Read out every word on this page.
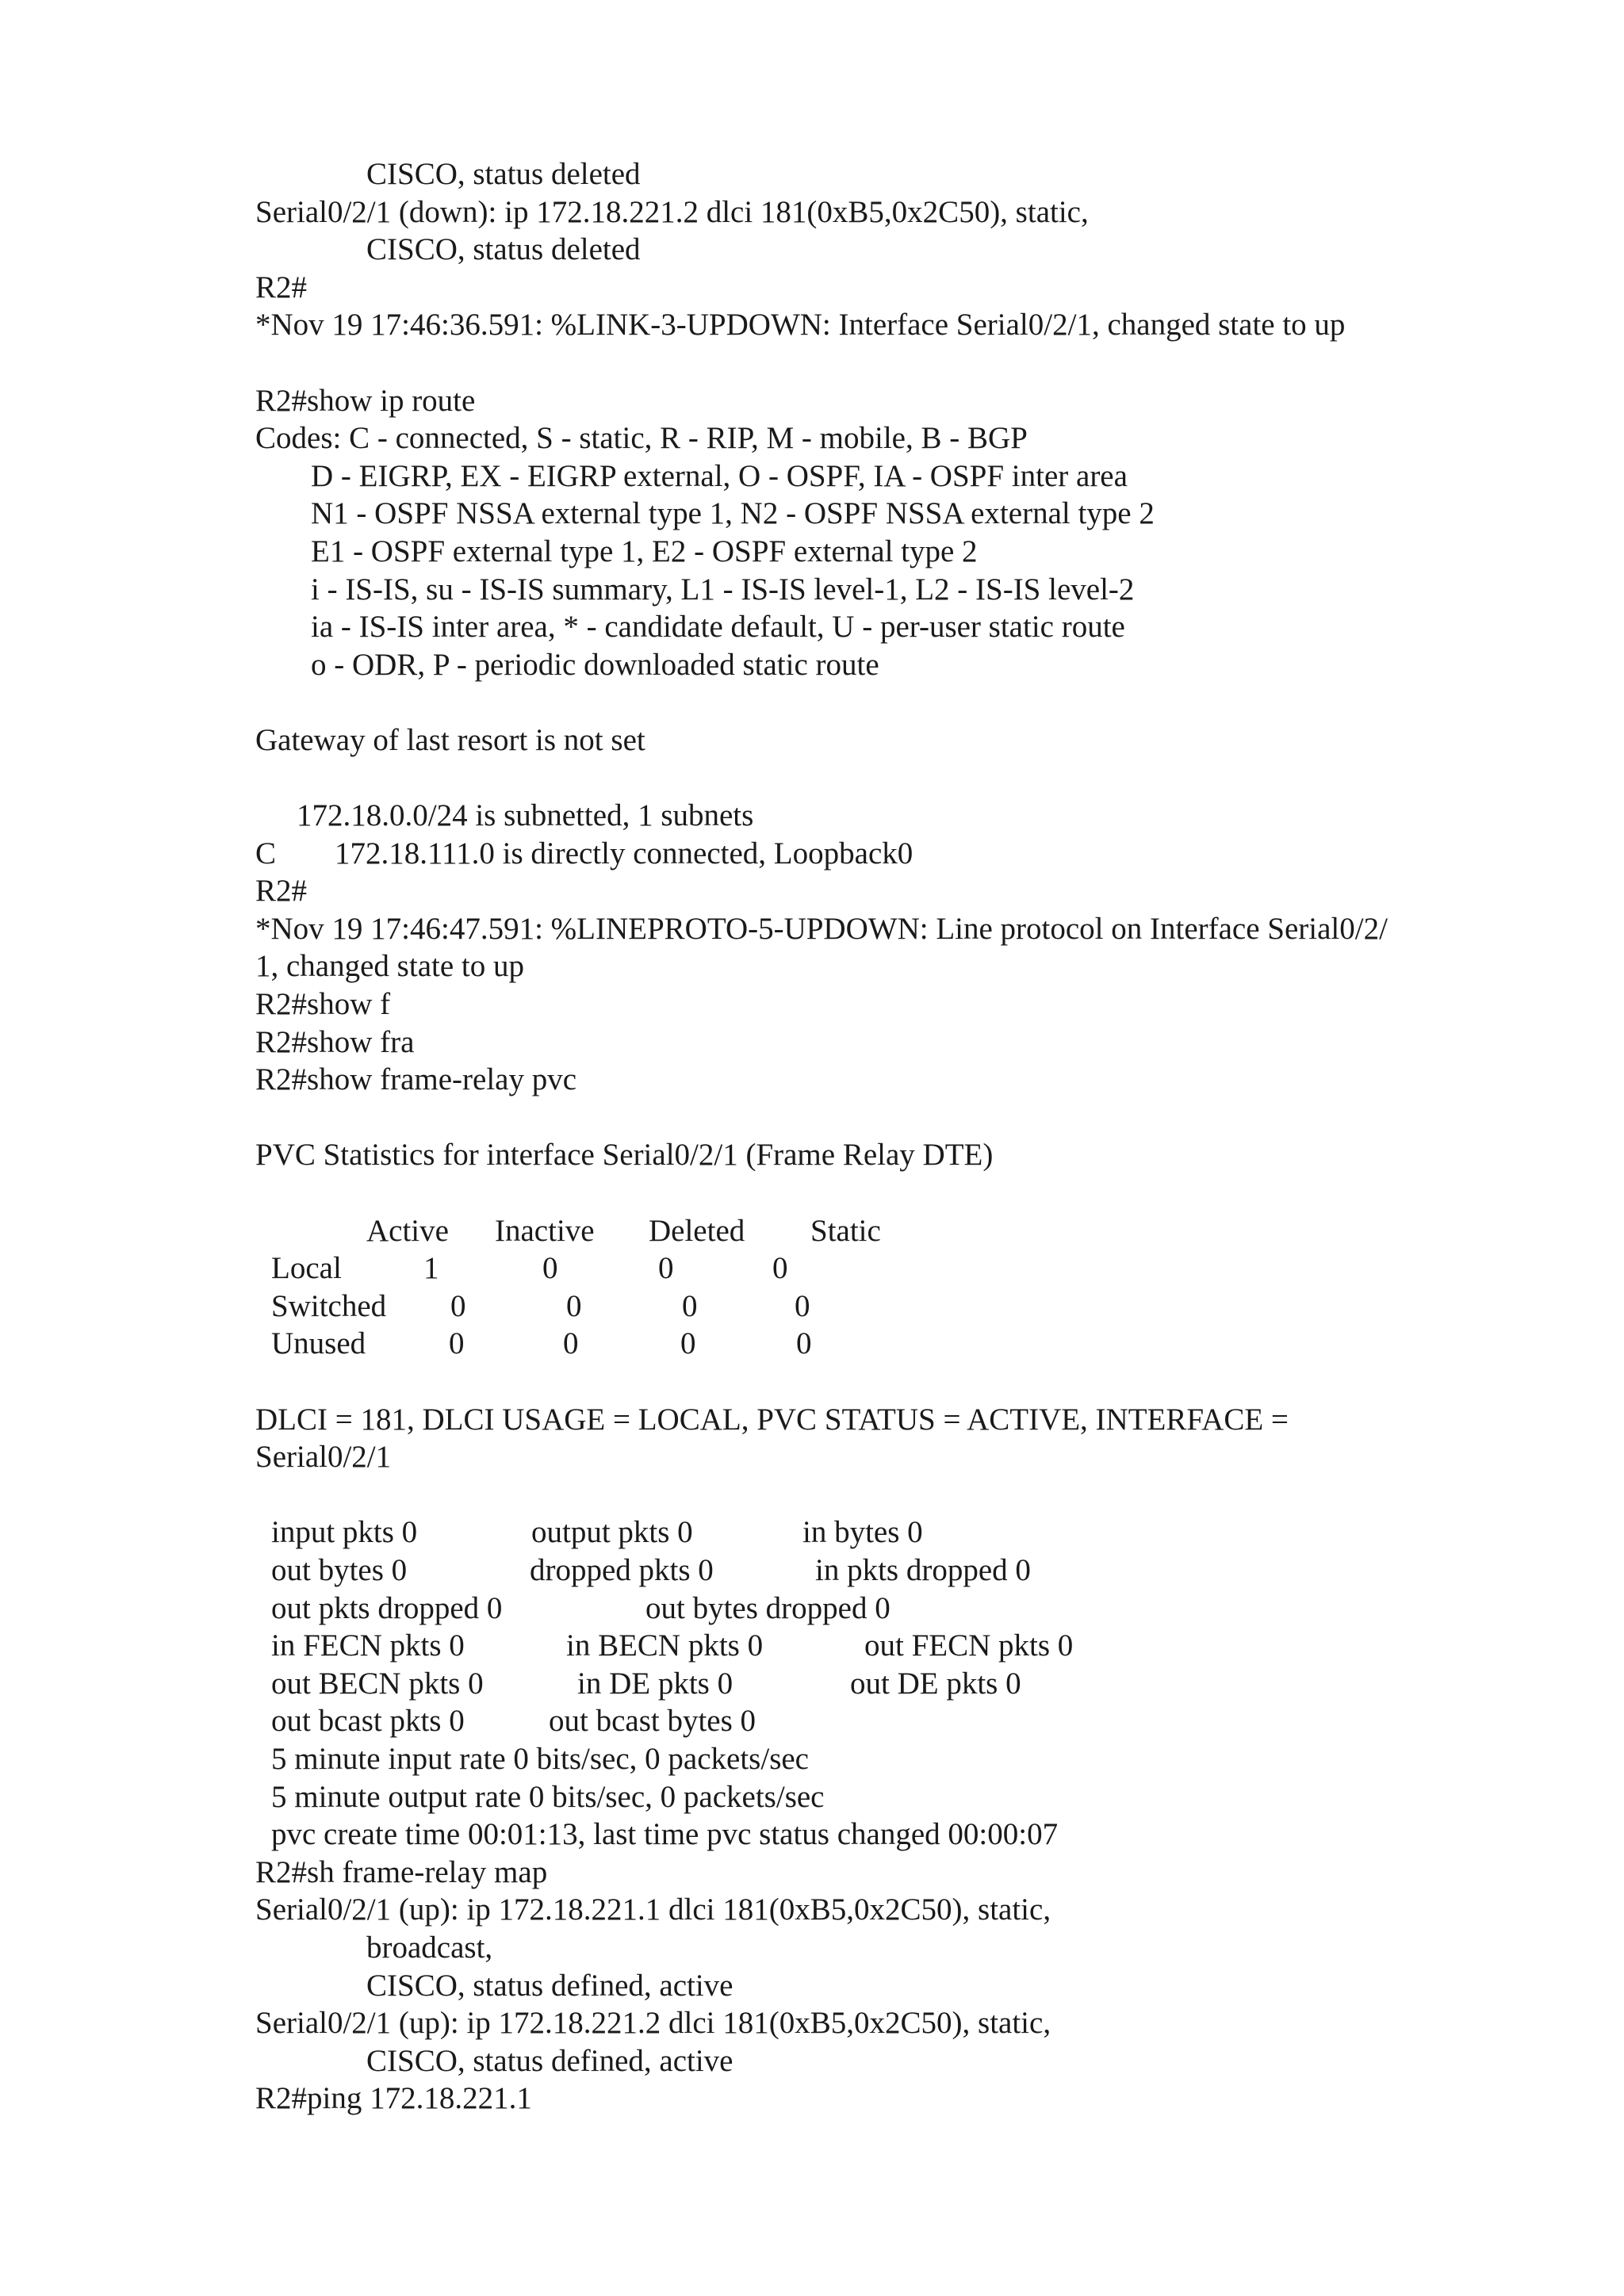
CISCO, status deleted
Serial0/2/1 (down): ip 172.18.221.2 dlci 181(0xB5,0x2C50), static,
CISCO, status deleted
R2#
*Nov 19 17:46:36.591: %LINK-3-UPDOWN: Interface Serial0/2/1, changed state to up
R2#show ip route
Codes: C - connected, S - static, R - RIP, M - mobile, B - BGP
D - EIGRP, EX - EIGRP external, O - OSPF, IA - OSPF inter area
N1 - OSPF NSSA external type 1, N2 - OSPF NSSA external type 2
E1 - OSPF external type 1, E2 - OSPF external type 2
i - IS-IS, su - IS-IS summary, L1 - IS-IS level-1, L2 - IS-IS level-2
ia - IS-IS inter area, * - candidate default, U - per-user static route
o - ODR, P - periodic downloaded static route
Gateway of last resort is not set
172.18.0.0/24 is subnetted, 1 subnets
C 172.18.111.0 is directly connected, Loopback0
R2#
*Nov 19 17:46:47.591: %LINEPROTO-5-UPDOWN: Line protocol on Interface Serial0/2/
1, changed state to up
R2#show f
R2#show fra
R2#show frame-relay pvc
PVC Statistics for interface Serial0/2/1 (Frame Relay DTE)
Active Inactive Deleted Static
Local	1	0	0	0
Switched 0	0	0	0
Unused	0	0	0	0
DLCI = 181, DLCI USAGE = LOCAL, PVC STATUS = ACTIVE, INTERFACE =
Serial0/2/1
input pkts 0	output pkts 0	in bytes 0
out bytes 0	dropped pkts 0	in pkts dropped 0
out pkts dropped 0	out bytes dropped 0
in FECN pkts 0	in BECN pkts 0	out FECN pkts 0
out BECN pkts 0	in DE pkts 0	out DE pkts 0
out bcast pkts 0	out bcast bytes 0
5 minute input rate 0 bits/sec, 0 packets/sec
5 minute output rate 0 bits/sec, 0 packets/sec
pvc create time 00:01:13, last time pvc status changed 00:00:07
R2#sh frame-relay map
Serial0/2/1 (up): ip 172.18.221.1 dlci 181(0xB5,0x2C50), static,
broadcast,
CISCO, status defined, active
Serial0/2/1 (up): ip 172.18.221.2 dlci 181(0xB5,0x2C50), static,
CISCO, status defined, active
R2#ping 172.18.221.1
